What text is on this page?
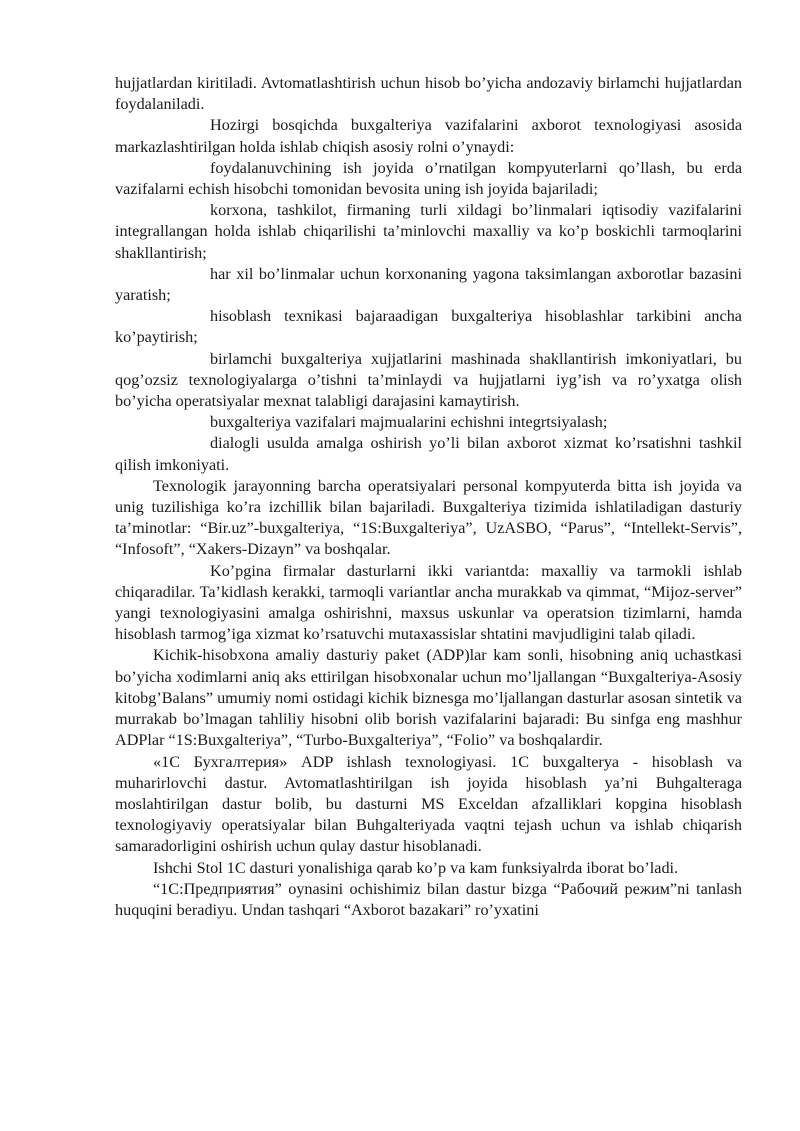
hujjatlardan kiritiladi. Avtomatlashtirish uchun hisob bo’yicha andozaviy birlamchi hujjatlardan foydalaniladi.

Hozirgi bosqichda buxgalteriya vazifalarini axborot texnologiyasi asosida markazlashtirilgan holda ishlab chiqish asosiy rolni o’ynaydi:

foydalanuvchining ish joyida o’rnatilgan kompyuterlarni qo’llash, bu erda vazifalarni echish hisobchi tomonidan bevosita uning ish joyida bajariladi;

korxona, tashkilot, firmaning turli xildagi bo’linmalari iqtisodiy vazifalarini integrallangan holda ishlab chiqarilishi ta’minlovchi maxalliy va ko’p boskichli tarmoqlarini shakllantirish;

har xil bo’linmalar uchun korxonaning yagona taksimlangan axborotlar bazasini yaratish;

hisoblash texnikasi bajaraadigan buxgalteriya hisoblashlar tarkibini ancha ko’paytirish;

birlamchi buxgalteriya xujjatlarini mashinada shakllantirish imkoniyatlari, bu qog’ozsiz texnologiyalarga o’tishni ta’minlaydi va hujjatlarni iyg’ish va ro’yxatga olish bo’yicha operatsiyalar mexnat talabligi darajasini kamaytirish.

buxgalteriya vazifalari majmualarini echishni integrtsiyalash;

dialogli usulda amalga oshirish yo’li bilan axborot xizmat ko’rsatishni tashkil qilish imkoniyati.

Texnologik jarayonning barcha operatsiyalari personal kompyuterda bitta ish joyida va unig tuzilishiga ko’ra izchillik bilan bajariladi. Buxgalteriya tizimida ishlatiladigan dasturiy ta’minotlar: “Bir.uz”-buxgalteriya, “1S:Buxgalteriya”, UzASBO, “Parus”, “Intellekt-Servis”, “Infosoft”, “Xakers-Dizayn” va boshqalar.

Ko’pgina firmalar dasturlarni ikki variantda: maxalliy va tarmokli ishlab chiqaradilar. Ta’kidlash kerakki, tarmoqli variantlar ancha murakkab va qimmat, “Mijoz-server” yangi texnologiyasini amalga oshirishni, maxsus uskunlar va operatsion tizimlarni, hamda hisoblash tarmog’iga xizmat ko’rsatuvchi mutaxassislar shtatini mavjudligini talab qiladi.

Kichik-hisobxona amaliy dasturiy paket (ADP)lar kam sonli, hisobning aniq uchastkasi bo’yicha xodimlarni aniq aks ettirilgan hisobxonalar uchun mo’ljallangan “Buxgalteriya-Asosiy kitobg’Balans” umumiy nomi ostidagi kichik biznesga mo’ljallangan dasturlar asosan sintetik va murrakab bo’lmagan tahliliy hisobni olib borish vazifalarini bajaradi: Bu sinfga eng mashhur ADPlar “1S:Buxgalteriya”, “Turbo-Buxgalteriya”, “Folio” va boshqalardir.

«1С Бухгалтерия» ADP ishlash texnologiyasi. 1С buxgalterya - hisoblash va muharirlovchi dastur. Avtomatlashtirilgan ish joyida hisoblash ya’ni Buhgalteraga moslahtirilgan dastur bolib, bu dasturni MS Exceldan afzalliklari kopgina hisoblash texnologiyaviy operatsiyalar bilan Buhgalteriyada vaqtni tejash uchun va ishlab chiqarish samaradorligini oshirish uchun qulay dastur hisoblanadi.

Ishchi Stol 1C dasturi yonalishiga qarab ko’p va kam funksiyalrda iborat bo’ladi.

“1C:Предприятия” oynasini ochishimiz bilan dastur bizga “Рабочий режим”ni tanlash huquqini beradiyu. Undan tashqari “Axborot bazakari” ro’yxatini
